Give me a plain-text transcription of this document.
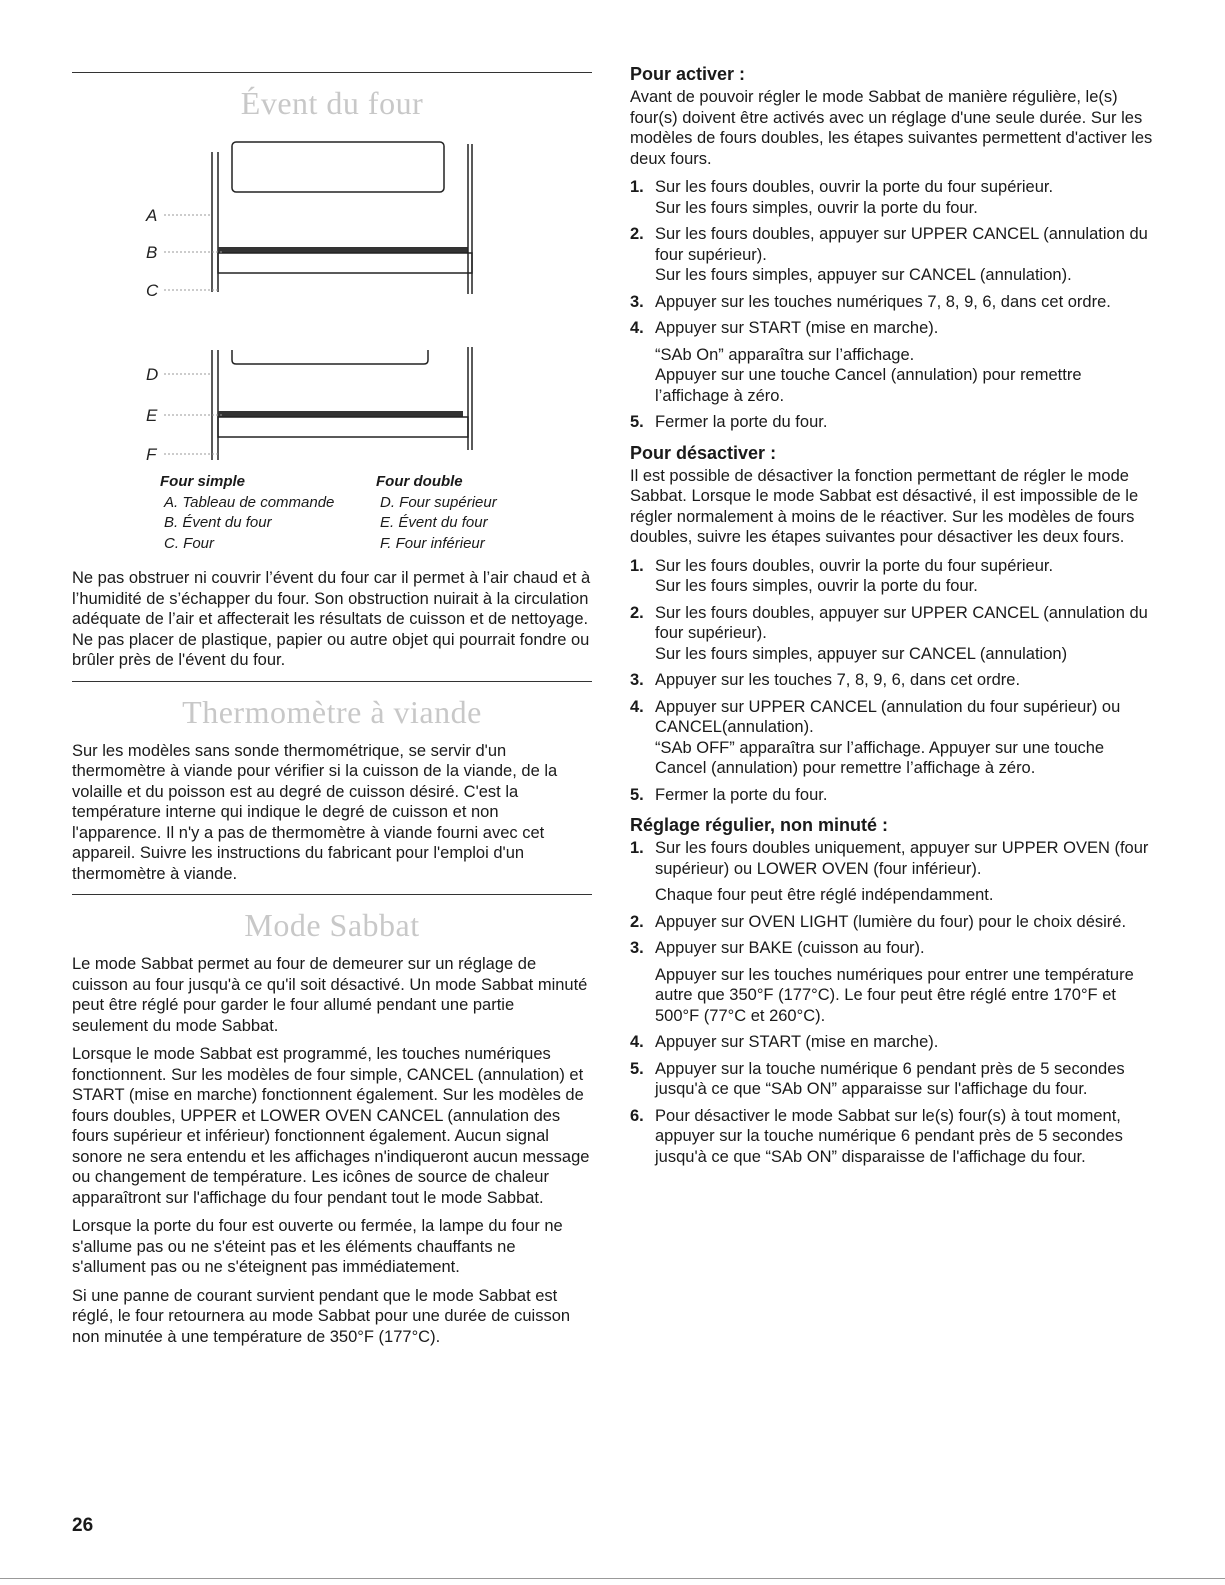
Évent du four
A
B
C
D
E
F
Four simple
A. Tableau de commande
B. Évent du four
C. Four
Four double
D. Four supérieur
E. Évent du four
F. Four inférieur

Ne pas obstruer ni couvrir l’évent du four car il permet à l’air chaud et à l’humidité de s’échapper du four. Son obstruction nuirait à la circulation adéquate de l’air et affecterait les résultats de cuisson et de nettoyage. Ne pas placer de plastique, papier ou autre objet qui pourrait fondre ou brûler près de l'évent du four.

Thermomètre à viande

Sur les modèles sans sonde thermométrique, se servir d'un thermomètre à viande pour vérifier si la cuisson de la viande, de la volaille et du poisson est au degré de cuisson désiré. C'est la température interne qui indique le degré de cuisson et non l'apparence. Il n'y a pas de thermomètre à viande fourni avec cet appareil. Suivre les instructions du fabricant pour l'emploi d'un thermomètre à viande.

Mode Sabbat

Le mode Sabbat permet au four de demeurer sur un réglage de cuisson au four jusqu'à ce qu'il soit désactivé. Un mode Sabbat minuté peut être réglé pour garder le four allumé pendant une partie seulement du mode Sabbat.

Lorsque le mode Sabbat est programmé, les touches numériques fonctionnent. Sur les modèles de four simple, CANCEL (annulation) et START (mise en marche) fonctionnent également. Sur les modèles de fours doubles, UPPER et LOWER OVEN CANCEL (annulation des fours supérieur et inférieur) fonctionnent également. Aucun signal sonore ne sera entendu et les affichages n'indiqueront aucun message ou changement de température. Les icônes de source de chaleur apparaîtront sur l'affichage du four pendant tout le mode Sabbat.

Lorsque la porte du four est ouverte ou fermée, la lampe du four ne s'allume pas ou ne s'éteint pas et les éléments chauffants ne s'allument pas ou ne s'éteignent pas immédiatement.

Si une panne de courant survient pendant que le mode Sabbat est réglé, le four retournera au mode Sabbat pour une durée de cuisson non minutée à une température de 350°F (177°C).

Pour activer :

Avant de pouvoir régler le mode Sabbat de manière régulière, le(s) four(s) doivent être activés avec un réglage d'une seule durée. Sur les modèles de fours doubles, les étapes suivantes permettent d'activer les deux fours.

1. Sur les fours doubles, ouvrir la porte du four supérieur.
Sur les fours simples, ouvrir la porte du four.
2. Sur les fours doubles, appuyer sur UPPER CANCEL (annulation du four supérieur).
Sur les fours simples, appuyer sur CANCEL (annulation).
3. Appuyer sur les touches numériques 7, 8, 9, 6, dans cet ordre.
4. Appuyer sur START (mise en marche).
“SAb On” apparaîtra sur l’affichage.
Appuyer sur une touche Cancel (annulation) pour remettre l’affichage à zéro.
5. Fermer la porte du four.
Pour désactiver :

Il est possible de désactiver la fonction permettant de régler le mode Sabbat. Lorsque le mode Sabbat est désactivé, il est impossible de le régler normalement à moins de le réactiver. Sur les modèles de fours doubles, suivre les étapes suivantes pour désactiver les deux fours.

1. Sur les fours doubles, ouvrir la porte du four supérieur.
Sur les fours simples, ouvrir la porte du four.
2. Sur les fours doubles, appuyer sur UPPER CANCEL (annulation du four supérieur).
Sur les fours simples, appuyer sur CANCEL (annulation)
3. Appuyer sur les touches 7, 8, 9, 6, dans cet ordre.
4. Appuyer sur UPPER CANCEL (annulation du four supérieur) ou CANCEL(annulation).
“SAb OFF” apparaîtra sur l’affichage. Appuyer sur une touche Cancel (annulation) pour remettre l’affichage à zéro.
5. Fermer la porte du four.
Réglage régulier, non minuté :
1. Sur les fours doubles uniquement, appuyer sur UPPER OVEN (four supérieur) ou LOWER OVEN (four inférieur).
Chaque four peut être réglé indépendamment.
2. Appuyer sur OVEN LIGHT (lumière du four) pour le choix désiré.
3. Appuyer sur BAKE (cuisson au four).
Appuyer sur les touches numériques pour entrer une température autre que 350°F (177°C). Le four peut être réglé entre 170°F et 500°F (77°C et 260°C).
4. Appuyer sur START (mise en marche).
5. Appuyer sur la touche numérique 6 pendant près de 5 secondes jusqu'à ce que “SAb ON” apparaisse sur l'affichage du four.
6. Pour désactiver le mode Sabbat sur le(s) four(s) à tout moment, appuyer sur la touche numérique 6 pendant près de 5 secondes jusqu'à ce que “SAb ON” disparaisse de l'affichage du four.
26
